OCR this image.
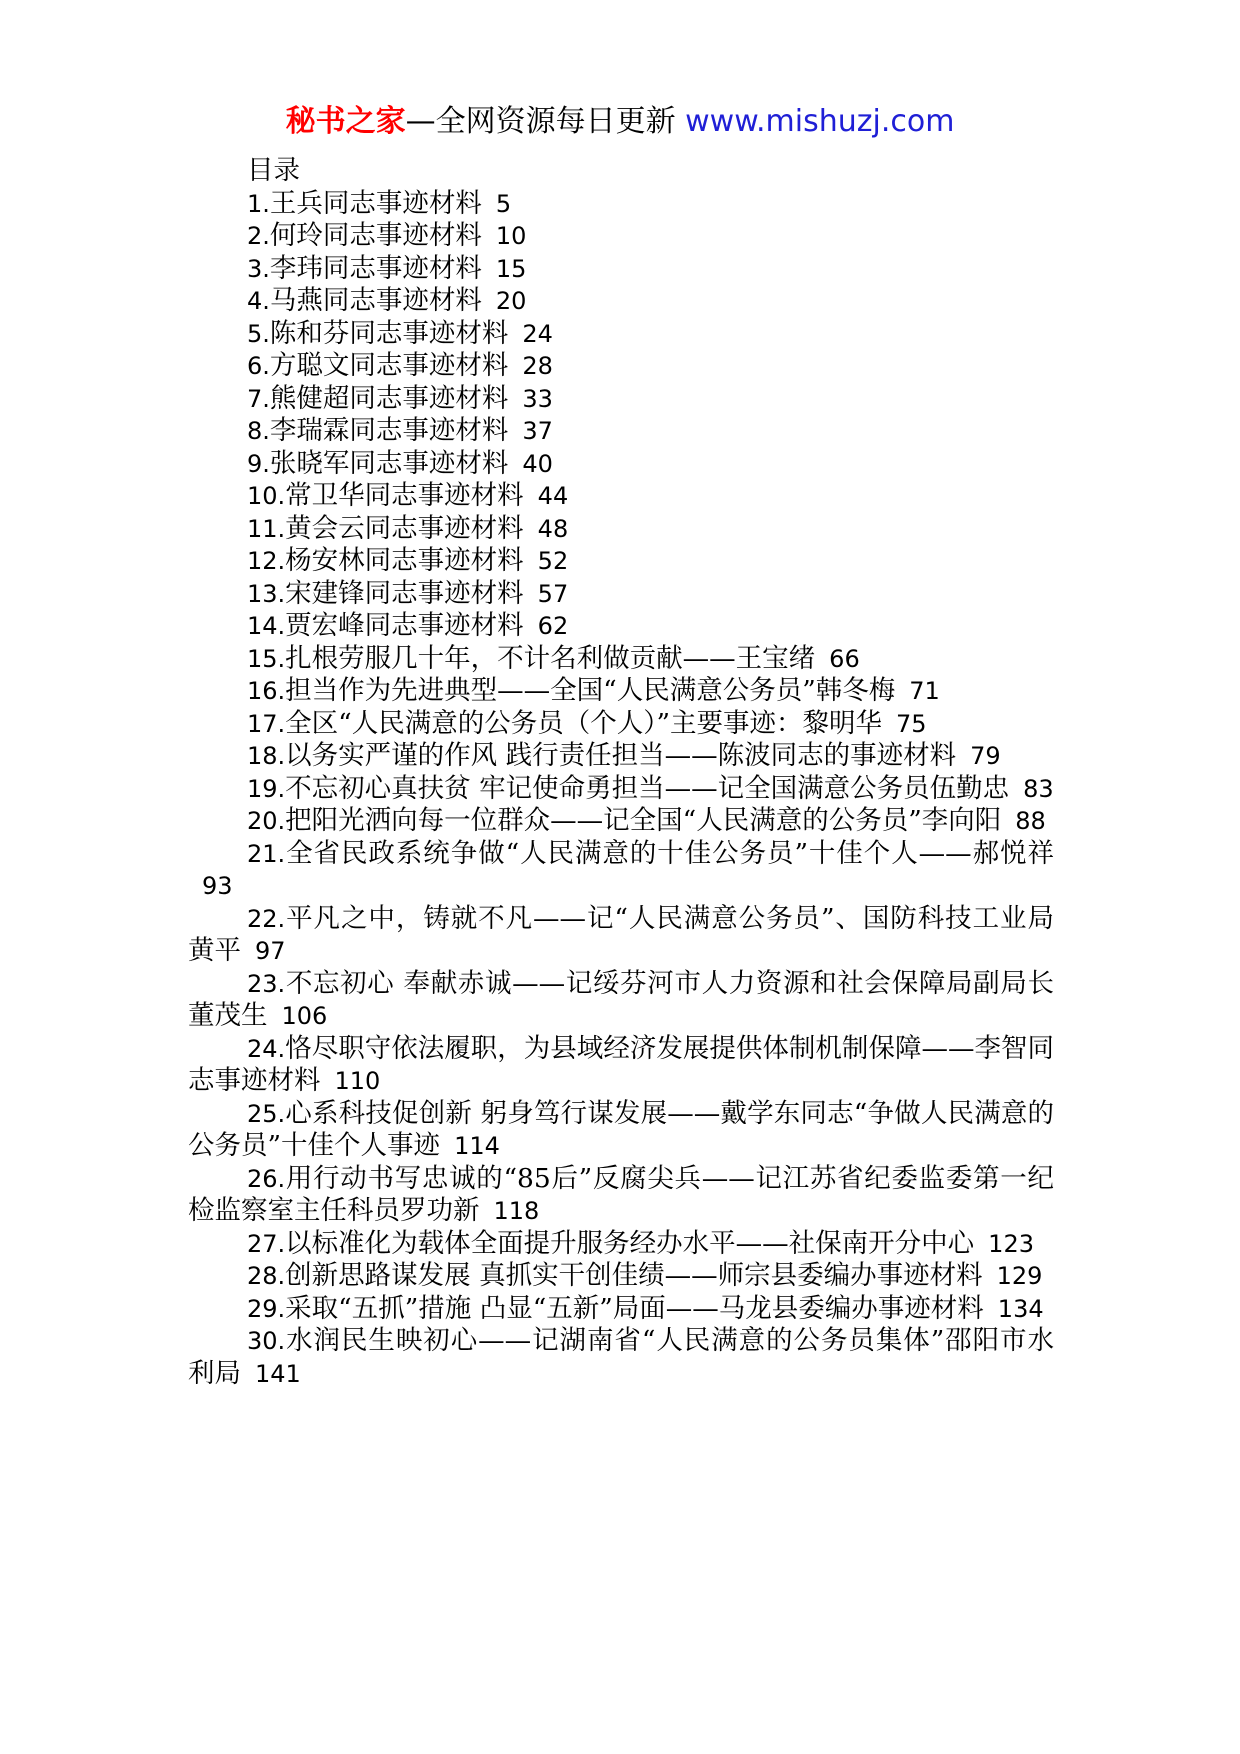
秘书之家—全网资源每日更新 www.mishuzj.com

目录

1.王兵同志事迹材料 5

2.何玲同志事迹材料 10

3.李玮同志事迹材料 15

4.马燕同志事迹材料 20

5.陈和芬同志事迹材料 24

6.方聪文同志事迹材料 28

7.熊健超同志事迹材料 33

8.李瑞霖同志事迹材料 37

9.张晓军同志事迹材料 40

10.常卫华同志事迹材料 44

11.黄会云同志事迹材料 48

12.杨安林同志事迹材料 52

13.宋建锋同志事迹材料 57

14.贾宏峰同志事迹材料 62

15.扎根劳服几十年，不计名利做贡献——王宝绪 66

16.担当作为先进典型——全国“人民满意公务员”韩冬梅 71

17.全区“人民满意的公务员（个人）”主要事迹：黎明华 75

18.以务实严谨的作风 践行责任担当——陈波同志的事迹材料 79

19.不忘初心真扶贫 牢记使命勇担当——记全国满意公务员伍勤忠 83

20.把阳光洒向每一位群众——记全国“人民满意的公务员”李向阳 88

21.全省民政系统争做“人民满意的十佳公务员”十佳个人——郝悦祥93

22.平凡之中，铸就不凡——记“人民满意公务员”、国防科技工业局黄平 97

23.不忘初心 奉献赤诚——记绥芬河市人力资源和社会保障局副局长董茂生 106

24.恪尽职守依法履职，为县域经济发展提供体制机制保障——李智同志事迹材料 110

25.心系科技促创新 躬身笃行谋发展——戴学东同志“争做人民满意的公务员”十佳个人事迹 114

26.用行动书写忠诚的“85后”反腐尖兵——记江苏省纪委监委第一纪检监察室主任科员罗功新 118

27.以标准化为载体全面提升服务经办水平——社保南开分中心 123

28.创新思路谋发展 真抓实干创佳绩——师宗县委编办事迹材料 129

29.采取“五抓”措施 凸显“五新”局面——马龙县委编办事迹材料 134

30.水润民生映初心——记湖南省“人民满意的公务员集体”邵阳市水利局 141
